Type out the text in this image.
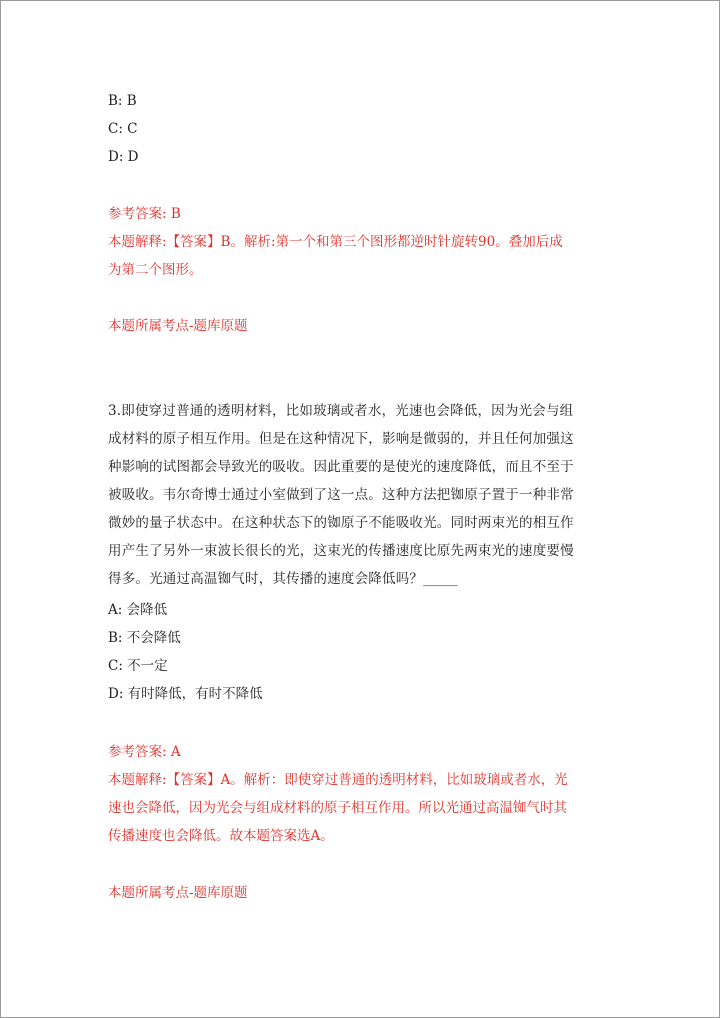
B: B
C: C
D: D
参考答案: B
本题解释:【答案】B。解析:第一个和第三个图形都逆时针旋转90。叠加后成
为第二个图形。
本题所属考点-题库原题
3.即使穿过普通的透明材料，比如玻璃或者水，光速也会降低，因为光会与组
成材料的原子相互作用。但是在这种情况下，影响是微弱的，并且任何加强这
种影响的试图都会导致光的吸收。因此重要的是使光的速度降低，而且不至于
被吸收。韦尔奇博士通过小室做到了这一点。这种方法把铷原子置于一种非常
微妙的量子状态中。在这种状态下的铷原子不能吸收光。同时两束光的相互作
用产生了另外一束波长很长的光，这束光的传播速度比原先两束光的速度要慢
得多。光通过高温铷气时，其传播的速度会降低吗？_____
A: 会降低
B: 不会降低
C: 不一定
D: 有时降低，有时不降低
参考答案: A
本题解释:【答案】A。解析：即使穿过普通的透明材料，比如玻璃或者水，光
速也会降低，因为光会与组成材料的原子相互作用。所以光通过高温铷气时其
传播速度也会降低。故本题答案选A。
本题所属考点-题库原题
